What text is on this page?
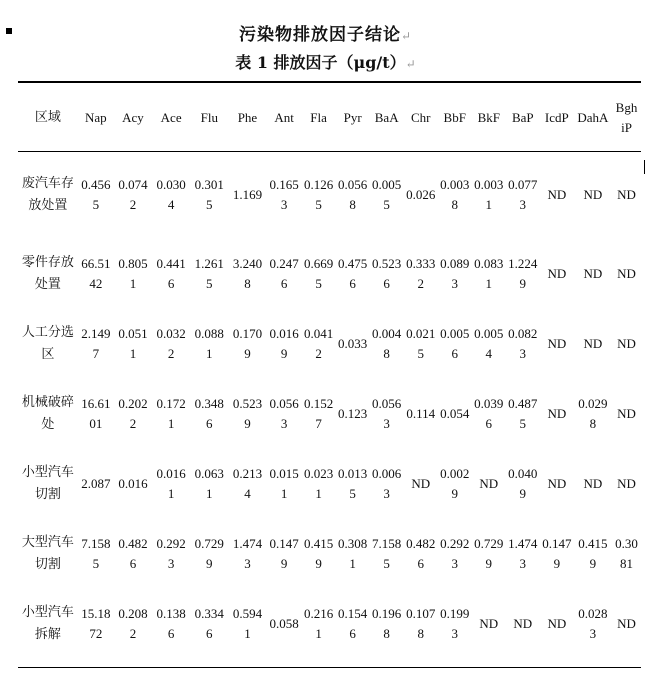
污染物排放因子结论↵
表 1 排放因子（μg/t）↵
区域	Nap	Acy	Ace	Flu	Phe	Ant	Fla	Pyr	BaA	Chr	BbF	BkF	BaP	IcdP	DahA	BghiP
废汽车存放处置	0.4565	0.0742	0.0304	0.3015	1.169	0.1653	0.1265	0.0568	0.0055	0.026	0.0038	0.0031	0.0773	ND	ND	ND
零件存放处置	66.5142	0.8051	0.4416	1.2615	3.2408	0.2476	0.6695	0.4756	0.5236	0.3332	0.0893	0.0831	1.2249	ND	ND	ND
人工分选区	2.1497	0.0511	0.0322	0.0881	0.1709	0.0169	0.0412	0.033	0.0048	0.0215	0.0056	0.0054	0.0823	ND	ND	ND
机械破碎处	16.6101	0.2022	0.1721	0.3486	0.5239	0.0563	0.1527	0.123	0.0563	0.114	0.054	0.0396	0.4875	ND	0.0298	ND
小型汽车切割	2.087	0.016	0.0161	0.0631	0.2134	0.0151	0.0231	0.0135	0.0063	ND	0.0029	ND	0.0409	ND	ND	ND
大型汽车切割	7.1585	0.4826	0.2923	0.7299	1.4743	0.1479	0.4159	0.3081	7.1585	0.4826	0.2923	0.7299	1.4743	0.1479	0.4159	0.3081
小型汽车拆解	15.1872	0.2082	0.1386	0.3346	0.5941	0.058	0.2161	0.1546	0.1968	0.1078	0.1993	ND	ND	ND	0.0283	ND
